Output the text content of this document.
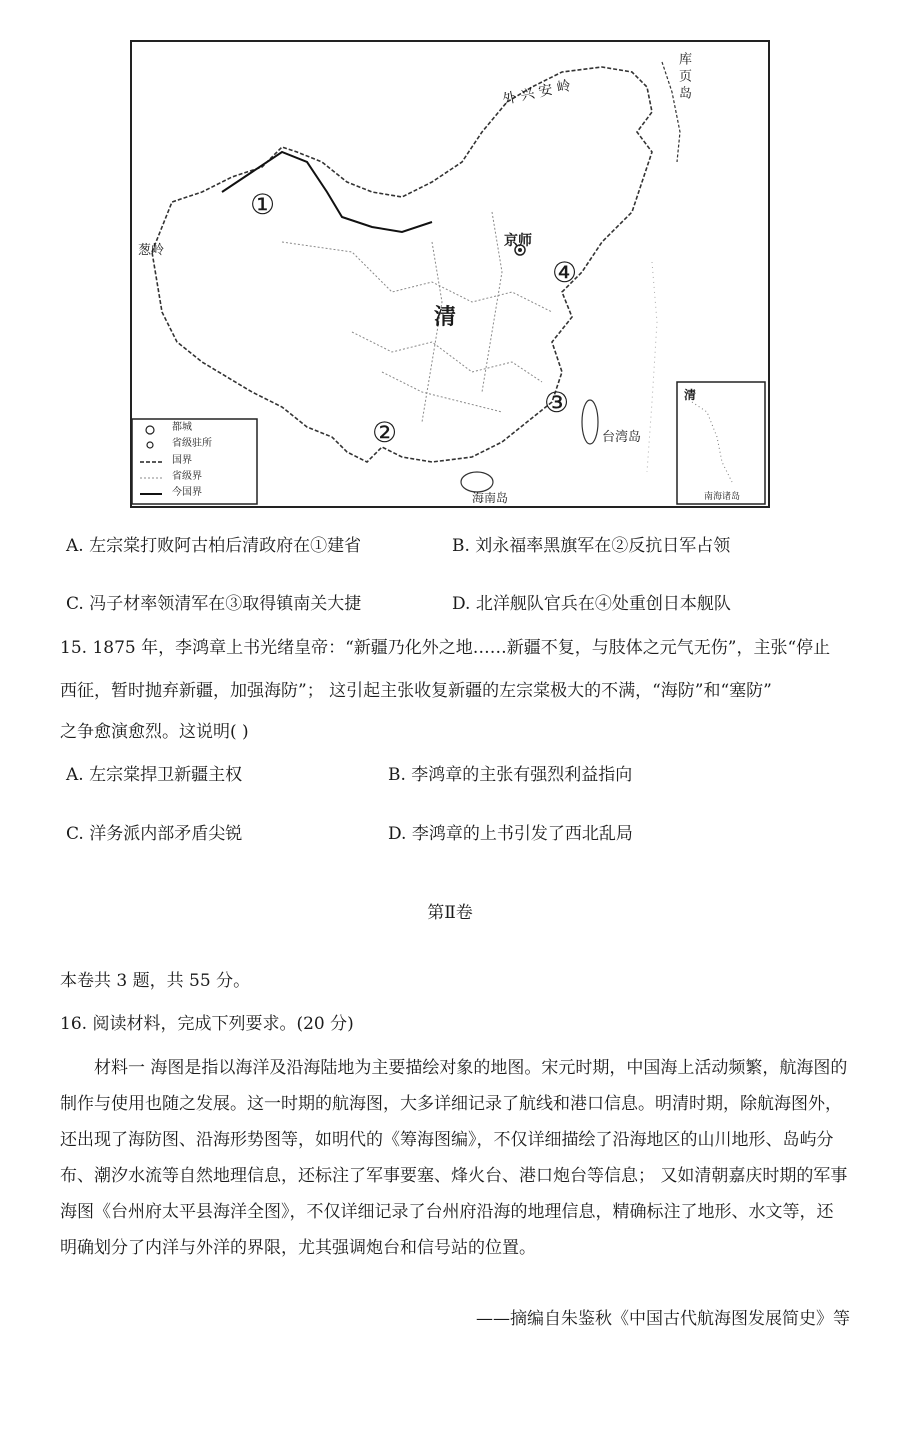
外 兴 安 岭	库 页 岛
京师
清
葱岭
台湾岛
海南岛
清
南海诸岛
①
②
③
④
都城
省级驻所
国界
省级界
今国界
A. 左宗棠打败阿古柏后清政府在①建省	B. 刘永福率黑旗军在②反抗日军占领
C. 冯子材率领清军在③取得镇南关大捷	D. 北洋舰队官兵在④处重创日本舰队
15. 1875 年，李鸿章上书光绪皇帝：“新疆乃化外之地……新疆不复，与肢体之元气无伤”，主张“停止
西征，暂时抛弃新疆，加强海防”； 这引起主张收复新疆的左宗棠极大的不满，“海防”和“塞防”
之争愈演愈烈。这说明( )
A. 左宗棠捍卫新疆主权	B. 李鸿章的主张有强烈利益指向
C. 洋务派内部矛盾尖锐	D. 李鸿章的上书引发了西北乱局
第Ⅱ卷
本卷共 3 题，共 55 分。
16. 阅读材料，完成下列要求。(20 分)
材料一 海图是指以海洋及沿海陆地为主要描绘对象的地图。宋元时期，中国海上活动频繁，航海图的制作与使用也随之发展。这一时期的航海图，大多详细记录了航线和港口信息。明清时期，除航海图外，还出现了海防图、沿海形势图等，如明代的《筹海图编》，不仅详细描绘了沿海地区的山川地形、岛屿分布、潮汐水流等自然地理信息，还标注了军事要塞、烽火台、港口炮台等信息； 又如清朝嘉庆时期的军事海图《台州府太平县海洋全图》，不仅详细记录了台州府沿海的地理信息，精确标注了地形、水文等，还明确划分了内洋与外洋的界限，尤其强调炮台和信号站的位置。
——摘编自朱鉴秋《中国古代航海图发展简史》等
